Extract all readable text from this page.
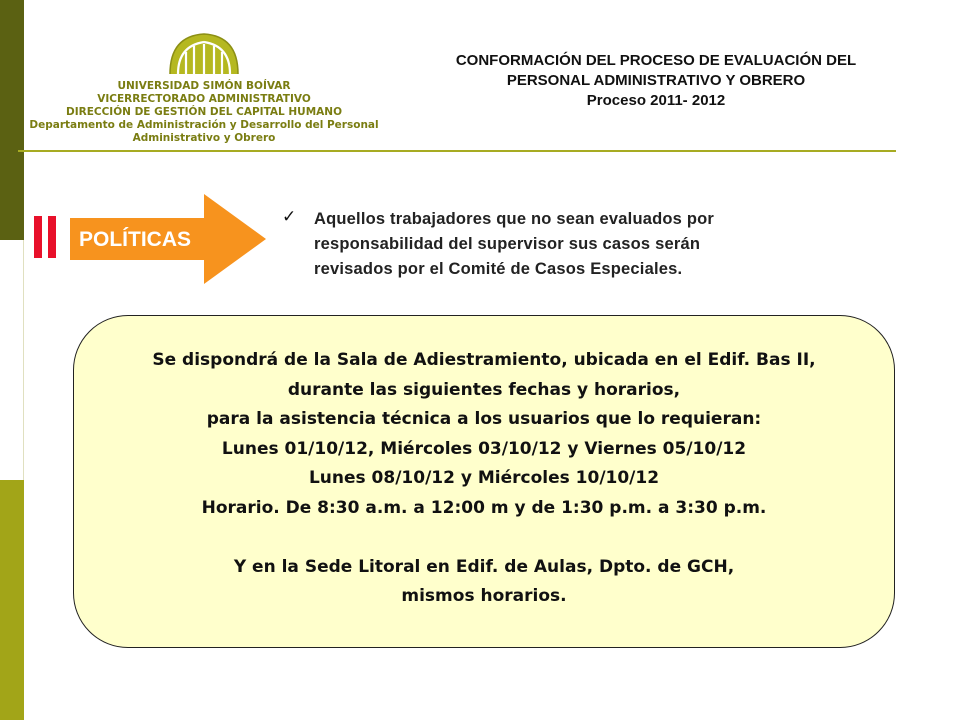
UNIVERSIDAD SIMÓN BOÍVAR
VICERRECTORADO ADMINISTRATIVO
DIRECCIÓN DE GESTIÓN DEL CAPITAL HUMANO
Departamento de Administración y Desarrollo del Personal
Administrativo y Obrero
CONFORMACIÓN DEL PROCESO DE EVALUACIÓN DEL
PERSONAL ADMINISTRATIVO Y OBRERO
Proceso 2011- 2012
POLÍTICAS
✓ Aquellos trabajadores que no sean evaluados por
responsabilidad del supervisor sus casos serán
revisados por el Comité de Casos Especiales.
Se dispondrá de la Sala de Adiestramiento, ubicada en el Edif. Bas II,
durante las siguientes fechas y horarios,
para la asistencia técnica a los usuarios que lo requieran:
Lunes 01/10/12, Miércoles 03/10/12 y Viernes 05/10/12
Lunes 08/10/12 y Miércoles 10/10/12
Horario. De 8:30 a.m. a 12:00 m y de 1:30 p.m. a 3:30 p.m.
Y en la Sede Litoral en Edif. de Aulas, Dpto. de GCH,
mismos horarios.
